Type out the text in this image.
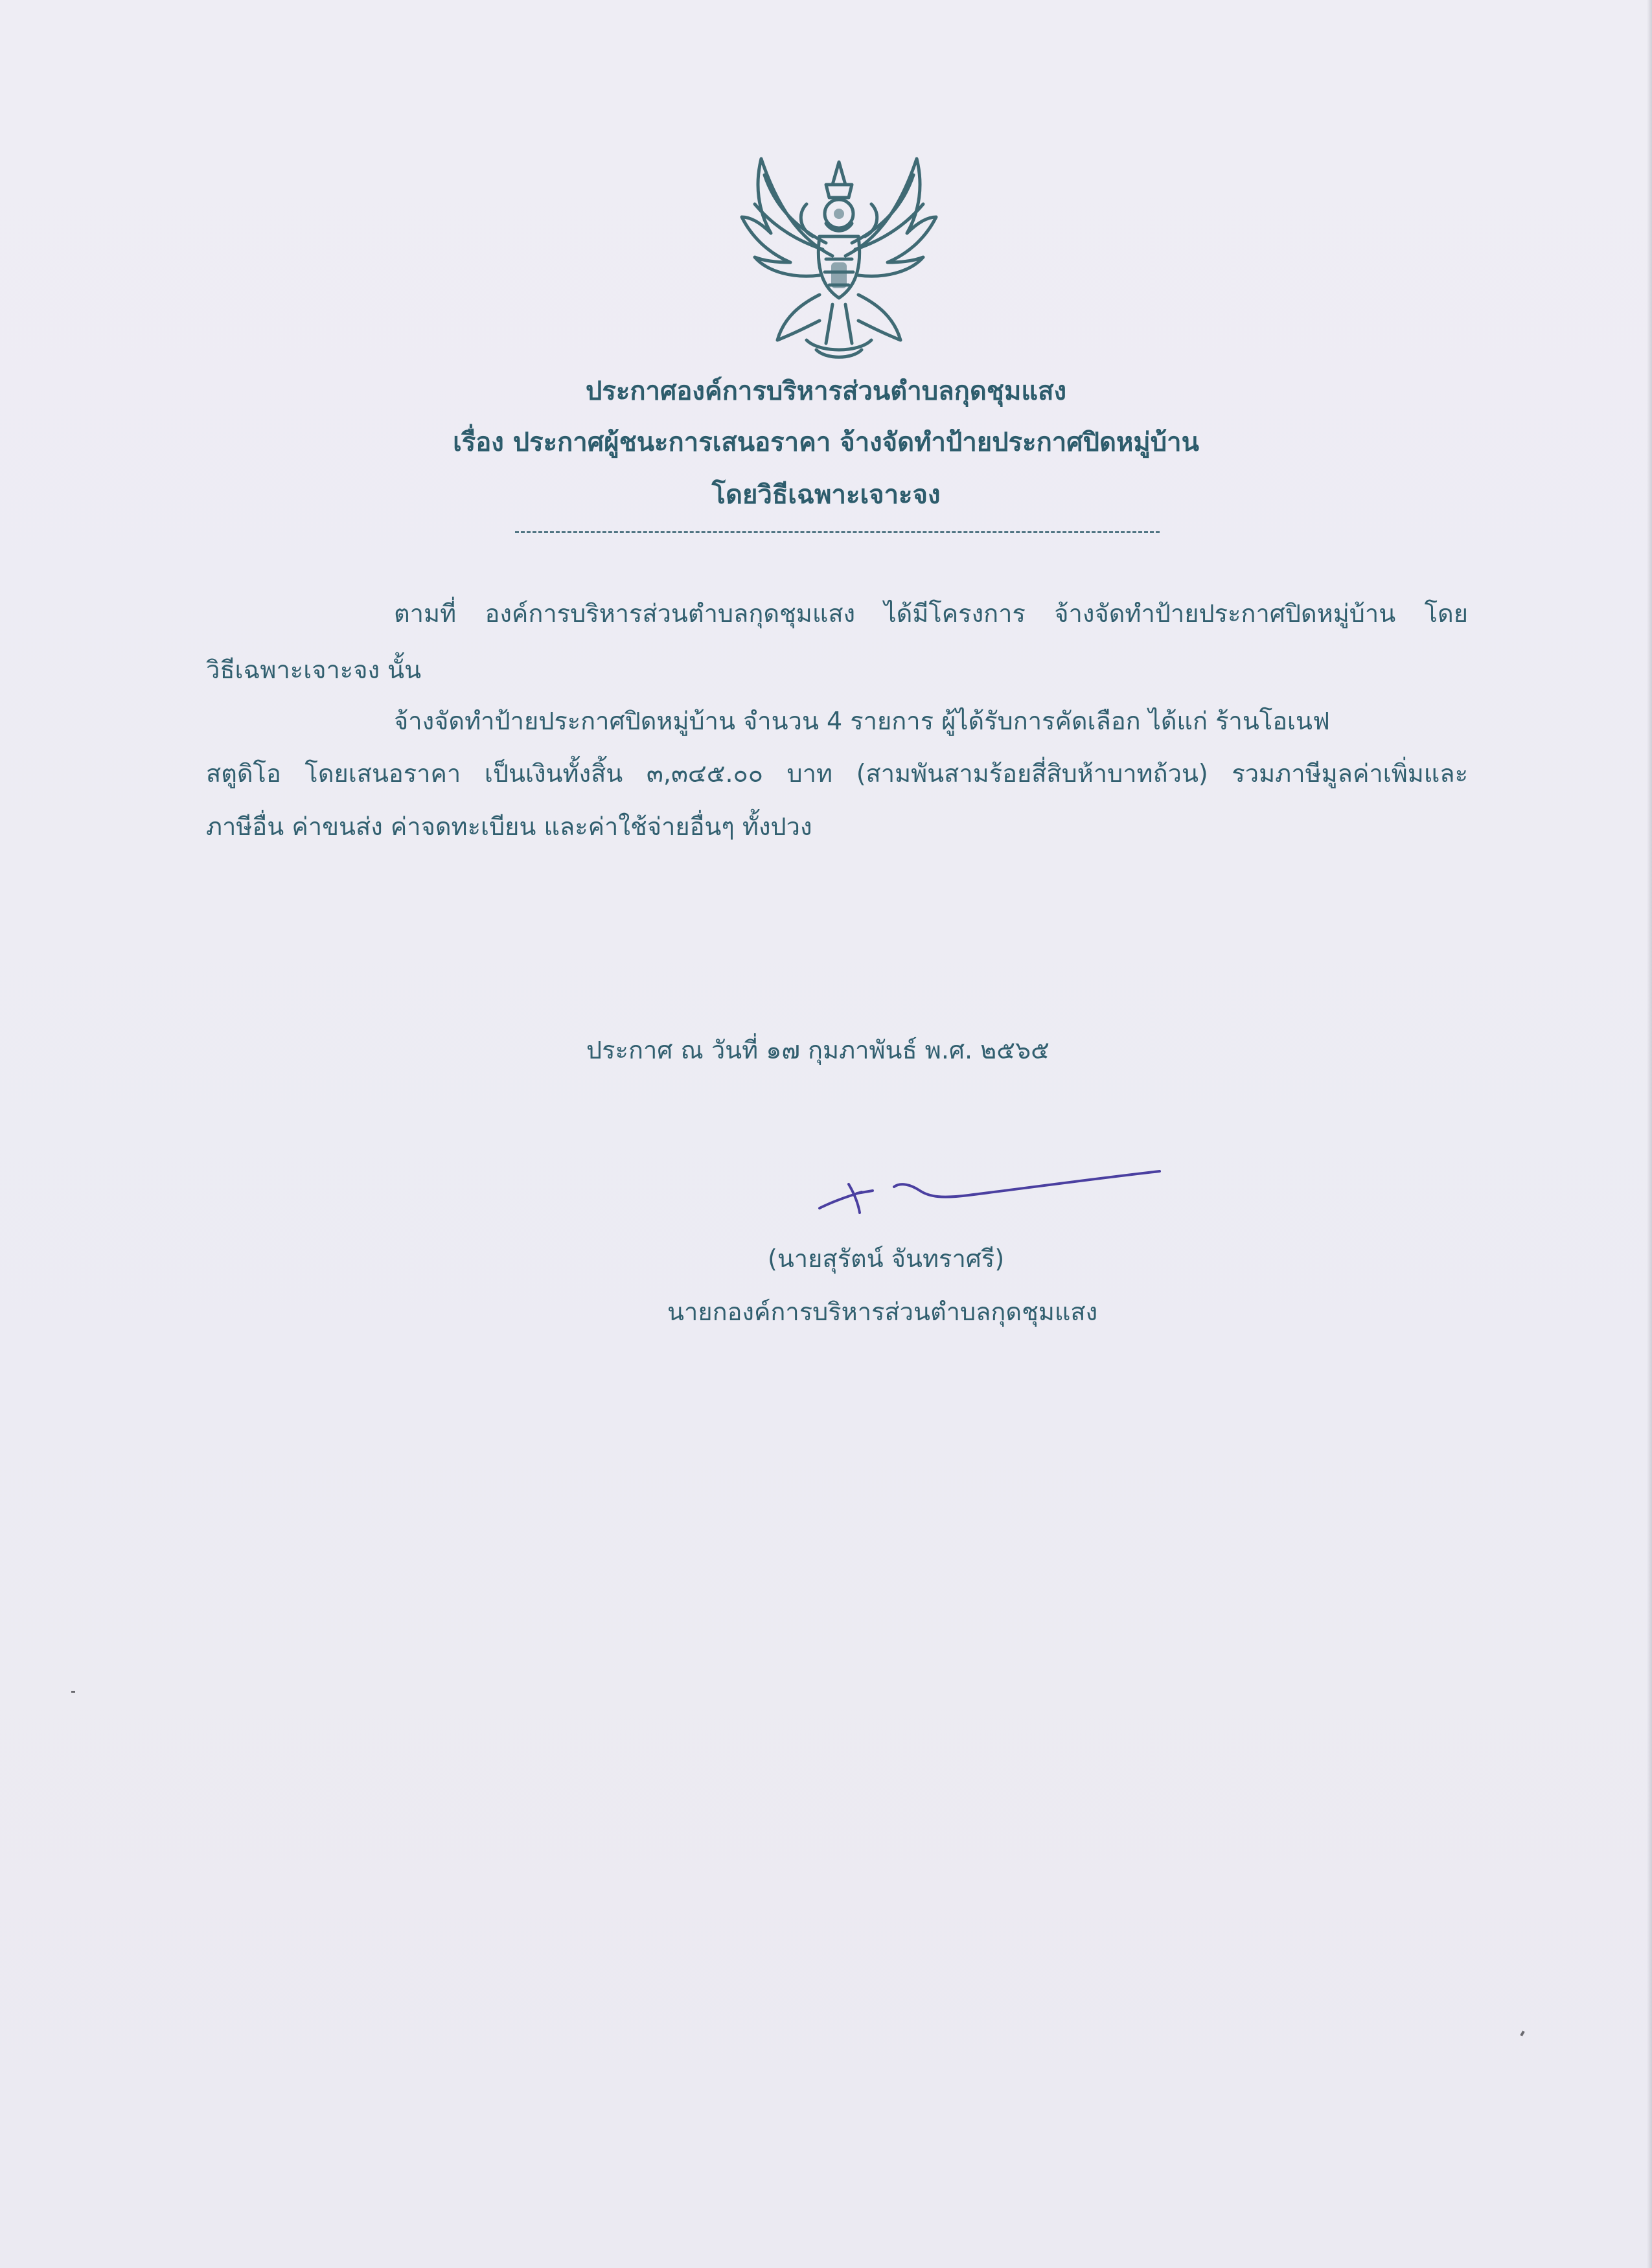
ประกาศองค์การบริหารส่วนตำบลกุดชุมแสง
เรื่อง ประกาศผู้ชนะการเสนอราคา จ้างจัดทำป้ายประกาศปิดหมู่บ้าน
โดยวิธีเฉพาะเจาะจง
ตามที่ องค์การบริหารส่วนตำบลกุดชุมแสง ได้มีโครงการ จ้างจัดทำป้ายประกาศปิดหมู่บ้าน โดย
วิธีเฉพาะเจาะจง นั้น
จ้างจัดทำป้ายประกาศปิดหมู่บ้าน จำนวน 4 รายการ ผู้ได้รับการคัดเลือก ได้แก่ ร้านโอเนฟ
สตูดิโอ โดยเสนอราคา เป็นเงินทั้งสิ้น ๓,๓๔๕.๐๐ บาท (สามพันสามร้อยสี่สิบห้าบาทถ้วน) รวมภาษีมูลค่าเพิ่มและ
ภาษีอื่น ค่าขนส่ง ค่าจดทะเบียน และค่าใช้จ่ายอื่นๆ ทั้งปวง
ประกาศ ณ วันที่ ๑๗ กุมภาพันธ์ พ.ศ. ๒๕๖๕
(นายสุรัตน์ จันทราศรี)
นายกองค์การบริหารส่วนตำบลกุดชุมแสง
